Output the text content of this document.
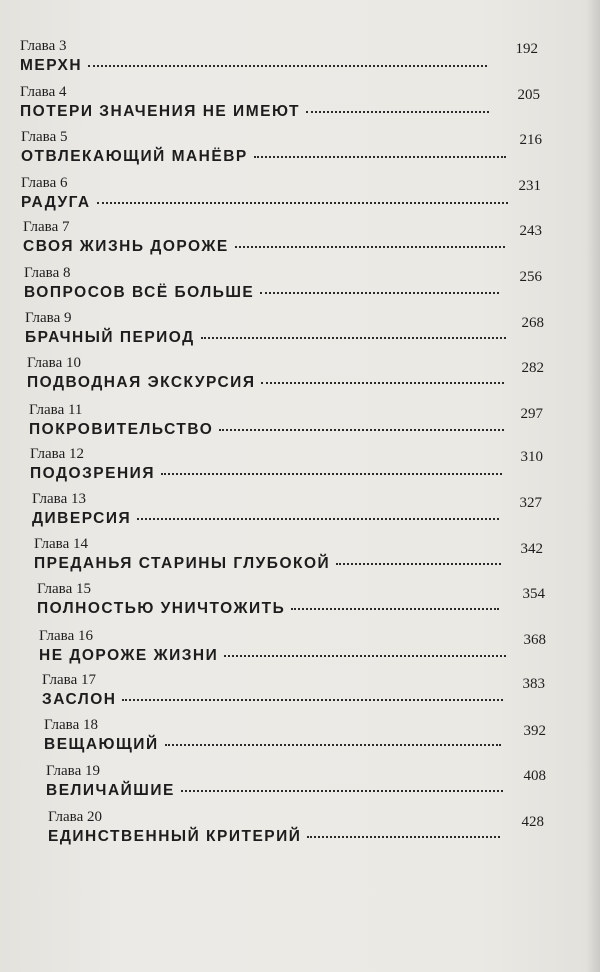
Глава 3	192
МЕРХН
Глава 4	205
ПОТЕРИ ЗНАЧЕНИЯ НЕ ИМЕЮТ
Глава 5	216
ОТВЛЕКАЮЩИЙ МАНЁВР
Глава 6	231
РАДУГА
Глава 7	243
СВОЯ ЖИЗНЬ ДОРОЖЕ
Глава 8	256
ВОПРОСОВ ВСЁ БОЛЬШЕ
Глава 9	268
БРАЧНЫЙ ПЕРИОД
Глава 10	282
ПОДВОДНАЯ ЭКСКУРСИЯ
Глава 11	297
ПОКРОВИТЕЛЬСТВО
Глава 12	310
ПОДОЗРЕНИЯ
Глава 13	327
ДИВЕРСИЯ
Глава 14	342
ПРЕДАНЬЯ СТАРИНЫ ГЛУБОКОЙ
Глава 15	354
ПОЛНОСТЬЮ УНИЧТОЖИТЬ
Глава 16	368
НЕ ДОРОЖЕ ЖИЗНИ
Глава 17	383
ЗАСЛОН
Глава 18	392
ВЕЩАЮЩИЙ
Глава 19	408
ВЕЛИЧАЙШИЕ
Глава 20	428
ЕДИНСТВЕННЫЙ КРИТЕРИЙ
